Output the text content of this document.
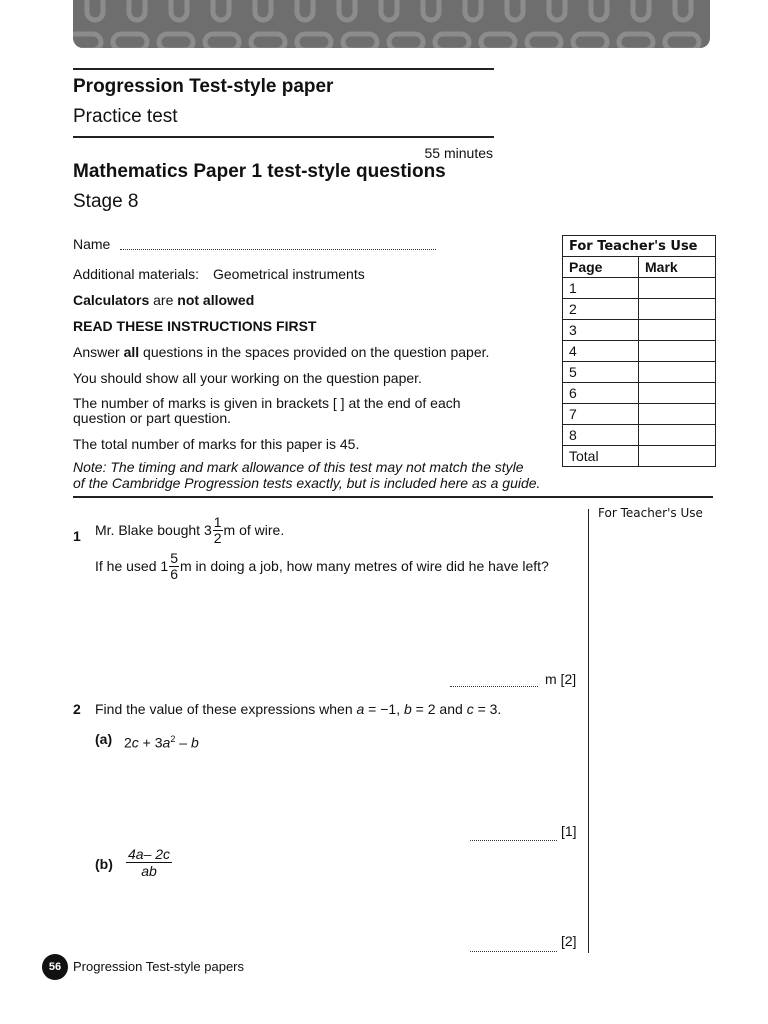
Progression Test-style paper
Practice test
55 minutes
Mathematics Paper 1 test-style questions
Stage 8
Name
Additional materials: Geometrical instruments
Calculators are not allowed
READ THESE INSTRUCTIONS FIRST
Answer all questions in the spaces provided on the question paper.
You should show all your working on the question paper.
The number of marks is given in brackets [ ] at the end of each
question or part question.
The total number of marks for this paper is 45.
Note: The timing and mark allowance of this test may not match the style
of the Cambridge Progression tests exactly, but is included here as a guide.
For Teacher's Use	
Page	Mark
1	
2	
3	
4	
5	
6	
7	
8	
Total	
For Teacher's Use
1 Mr. Blake bought $3 \frac{1}{2}$ m of wire.
If he used $1 \frac{5}{6}$ m in doing a job, how many metres of wire did he have left?
m [2]
2 Find the value of these expressions when a = −1, b = 2 and c = 3.
(a) $2c + 3a^2 - b$
[1]
$(b) \frac{4a- 2c}{ab}$
[2]
56 Progression Test-style papers
